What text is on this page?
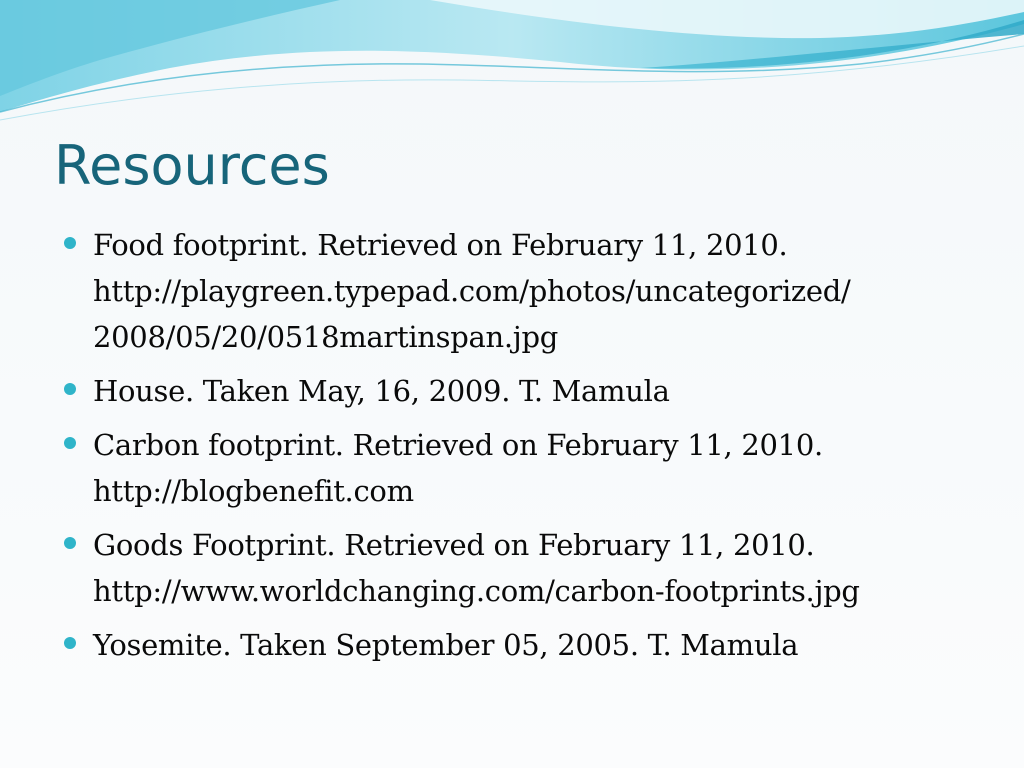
Resources
Food footprint. Retrieved on February 11, 2010.
http://playgreen.typepad.com/photos/uncategorized/
2008/05/20/0518martinspan.jpg
House. Taken May, 16, 2009. T. Mamula
Carbon footprint. Retrieved on February 11, 2010.
http://blogbenefit.com
Goods Footprint. Retrieved on February 11, 2010.
http://www.worldchanging.com/carbon-footprints.jpg
Yosemite. Taken September 05, 2005. T. Mamula
